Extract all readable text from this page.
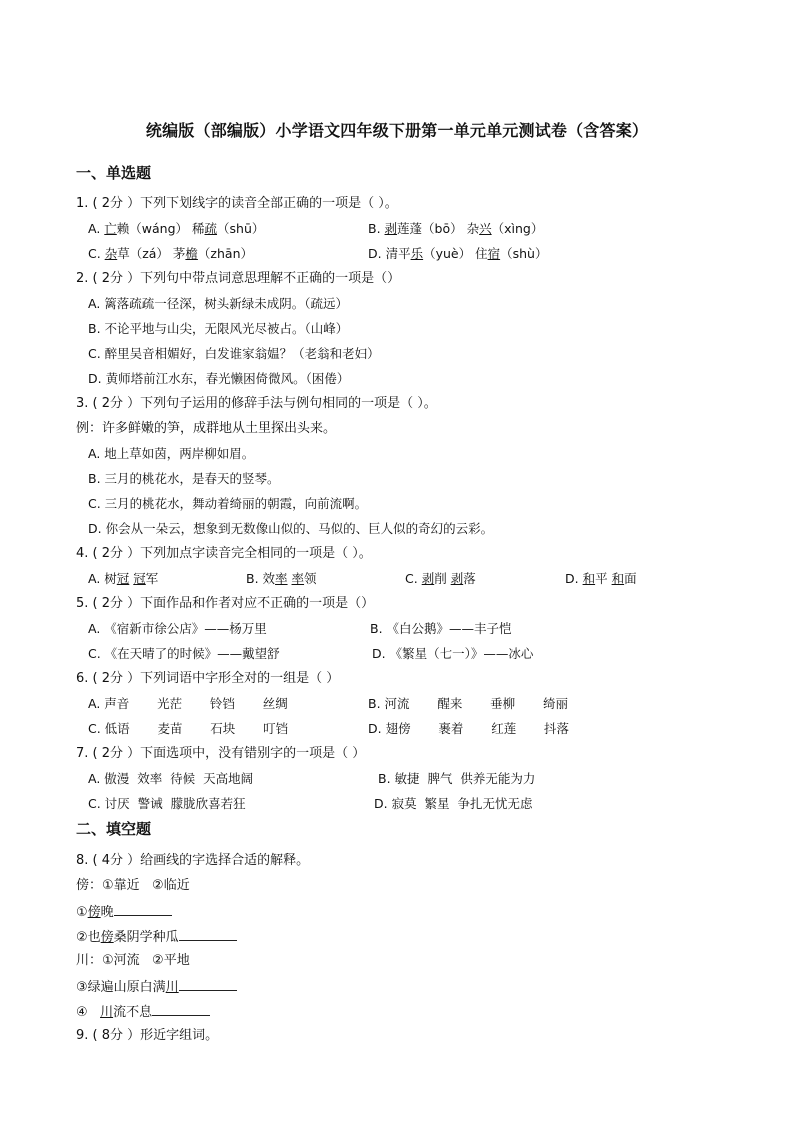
统编版（部编版）小学语文四年级下册第一单元单元测试卷（含答案）
一、单选题
1. ( 2分 ）下列下划线字的读音全部正确的一项是（ ）。
A. 亡赖（wáng） 稀疏（shū）	B. 剥莲蓬（bō） 杂兴（xìng）
C. 杂草（zá） 茅檐（zhān）	D. 清平乐（yuè） 住宿（shù）
2. ( 2分 ）下列句中带点词意思理解不正确的一项是（）
A. 篱落疏疏一径深，树头新绿未成阴。（疏远）
B. 不论平地与山尖，无限风光尽被占。（山峰）
C. 醉里吴音相媚好，白发谁家翁媪？（老翁和老妇）
D. 黄师塔前江水东，春光懒困倚微风。（困倦）
3. ( 2分 ）下列句子运用的修辞手法与例句相同的一项是（ ）。
例：许多鲜嫩的笋，成群地从土里探出头来。
A. 地上草如茵，两岸柳如眉。
B. 三月的桃花水，是春天的竖琴。
C. 三月的桃花水，舞动着绮丽的朝霞，向前流啊。
D. 你会从一朵云，想象到无数像山似的、马似的、巨人似的奇幻的云彩。
4. ( 2分 ）下列加点字读音完全相同的一项是（ ）。
A. 树冠 冠军	B. 效率 率领	C. 剥削 剥落	D. 和平 和面
5. ( 2分 ）下面作品和作者对应不正确的一项是（）
A. 《宿新市徐公店》——杨万里	B. 《白公鹅》——丰子恺
C. 《在天晴了的时候》——戴望舒	D. 《繁星（七一）》——冰心
6. ( 2分 ）下列词语中字形全对的一组是（ ）
A. 声音       光茫       铃铛       丝绸	B. 河流       醒来       垂柳       绮丽
C. 低语       麦苗       石块       叮铛	D. 翅傍       裹着       红莲       抖落
7. ( 2分 ）下面选项中，没有错别字的一项是（ ）
A. 傲漫  效率  待候  天高地阔	B. 敏捷  脾气  供养无能为力
C. 讨厌  警诫  朦胧欣喜若狂	D. 寂莫  繁星  争扎无忧无虑
二、填空题
8. ( 4分 ）给画线的字选择合适的解释。
傍：①靠近   ②临近
①傍晚
②也傍桑阴学种瓜
川：①河流   ②平地
③绿遍山原白满川
④   川流不息
9. ( 8分 ）形近字组词。
